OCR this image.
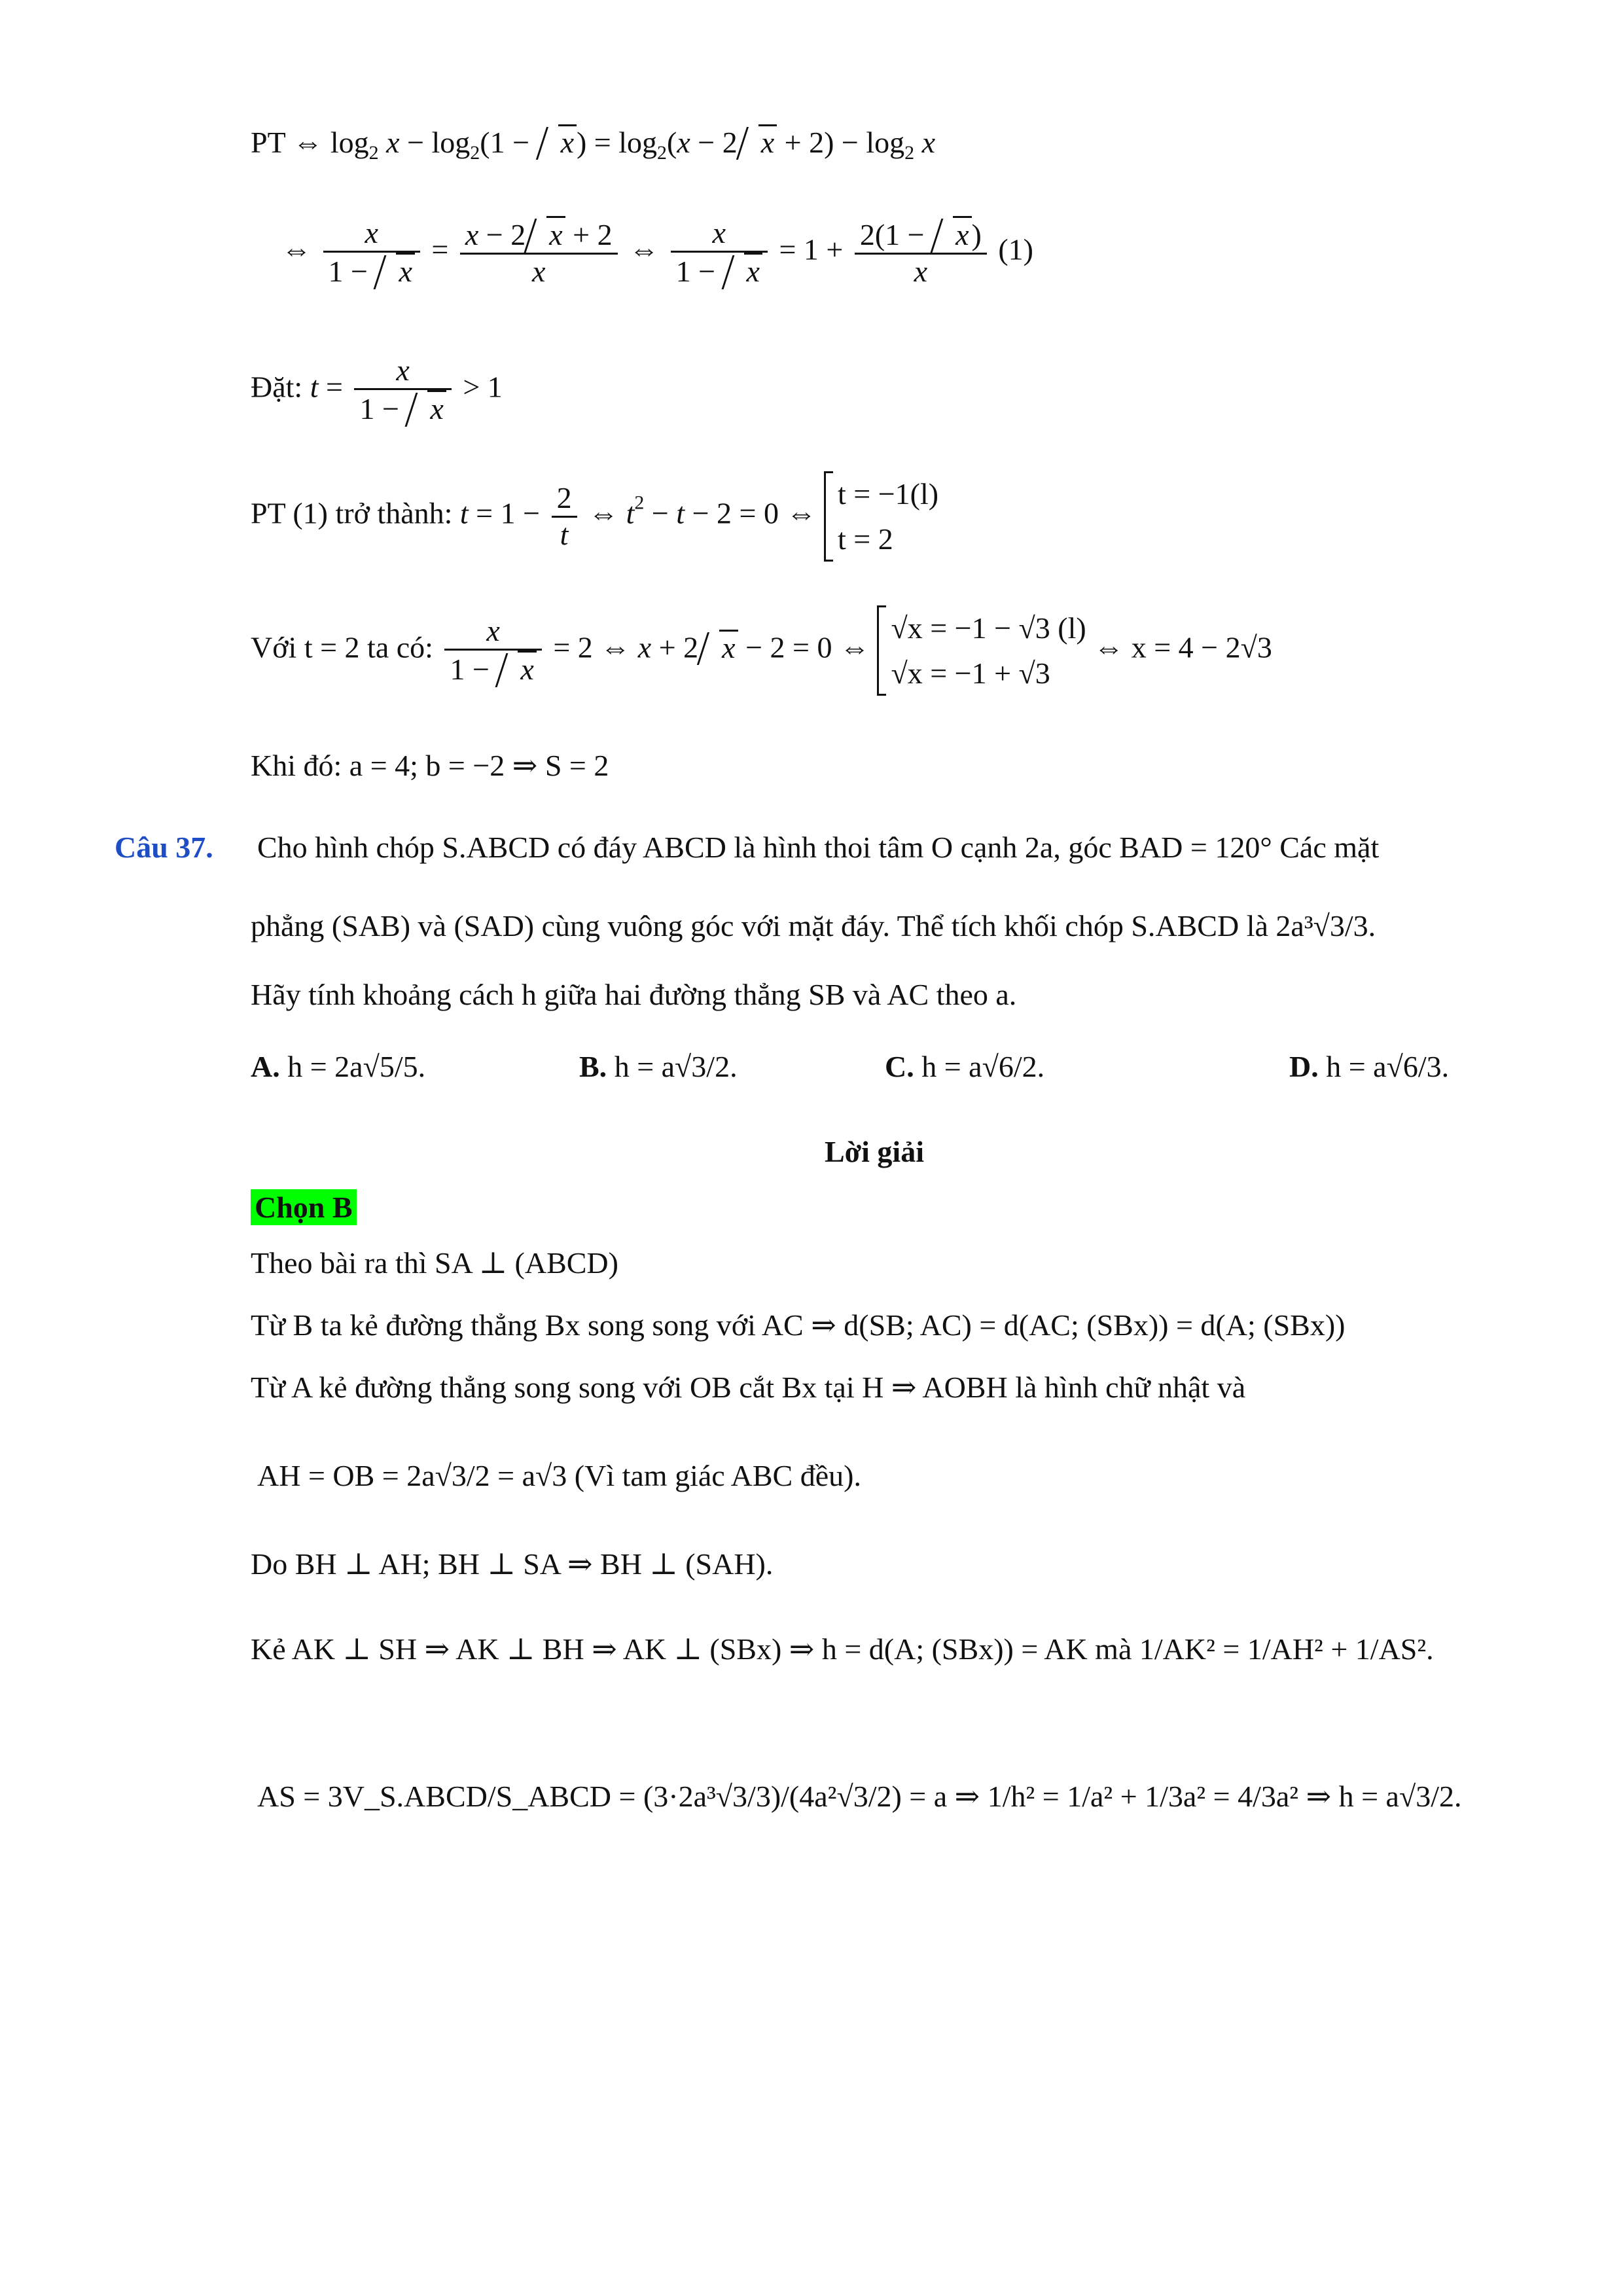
PT ⇔ $\log_2 x - \log_2(1 - x) = \log_2(x - 2$ $x + 2) - \log_2 x$
⇔ $\frac{x}{1 - x} = \frac{x - 2 x + 2}{x}$ ⇔ $\frac{x}{1 - x} = 1 + \frac{2(1 - x)}{x} (1)$
Đặt: $t = \frac{x}{1 - x} > 1$
PT (1) trở thành: $t = 1 - \frac{2}{t}$ ⇔ $t^2 - t - 2 = 0$ ⇔
t = −1(l)
t = 2
Với t = 2 ta có: $\frac{x}{1 - x} = 2$ ⇔ x + 2 x − 2 = 0 ⇔
√x = −1 − √3 (l)
√x = −1 + √3
⇔ x = 4 − 2√3
Khi đó: a = 4; b = −2 ⇒ S = 2
Câu 37. Cho hình chóp S.ABCD có đáy ABCD là hình thoi tâm O cạnh 2a, góc BAD = 120° Các mặt
phẳng (SAB) và (SAD) cùng vuông góc với mặt đáy. Thể tích khối chóp S.ABCD là 2a³√3/3.
Hãy tính khoảng cách h giữa hai đường thẳng SB và AC theo a.
A. h = 2a√5/5.	B. h = a√3/2.	C. h = a√6/2.	D. h = a√6/3.
Lời giải
Chọn B
Theo bài ra thì SA ⊥ (ABCD)
Từ B ta kẻ đường thẳng Bx song song với AC ⇒ d(SB; AC) = d(AC; (SBx)) = d(A; (SBx))
Từ A kẻ đường thẳng song song với OB cắt Bx tại H ⇒ AOBH là hình chữ nhật và
AH = OB = 2a√3/2 = a√3 (Vì tam giác ABC đều).
Do BH ⊥ AH; BH ⊥ SA ⇒ BH ⊥ (SAH).
Kẻ AK ⊥ SH ⇒ AK ⊥ BH ⇒ AK ⊥ (SBx) ⇒ h = d(A; (SBx)) = AK mà 1/AK² = 1/AH² + 1/AS².
AS = 3V_S.ABCD/S_ABCD = (3·2a³√3/3)/(4a²√3/2) = a ⇒ 1/h² = 1/a² + 1/3a² = 4/3a² ⇒ h = a√3/2.
